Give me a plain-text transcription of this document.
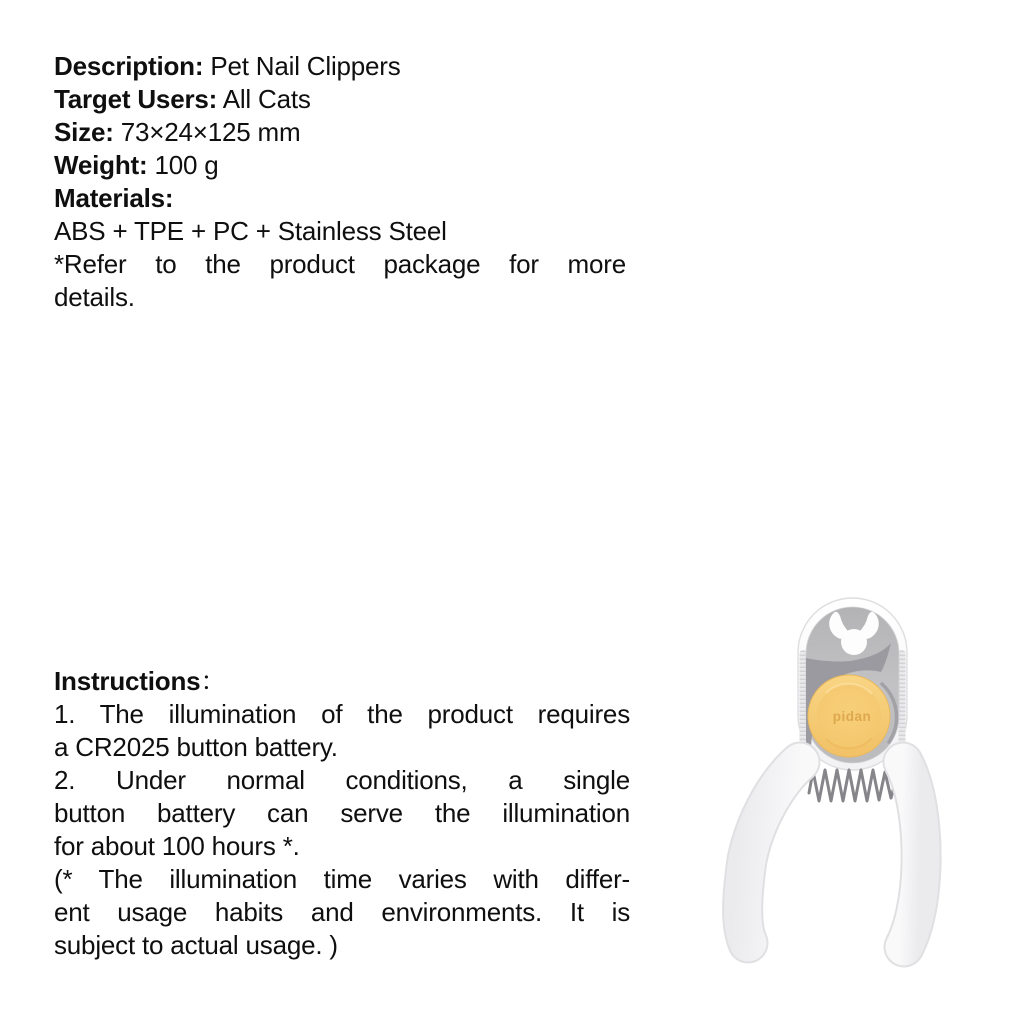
Description: Pet Nail Clippers
Target Users: All Cats
Size: 73×24×125 mm
Weight: 100 g
Materials:
ABS + TPE + PC + Stainless Steel
*Refer to the product package for more
details.
Instructions：
1. The illumination of the product requires
a CR2025 button battery.
2. Under normal conditions, a single
button battery can serve the illumination
for about 100 hours *.
(* The illumination time varies with differ-
ent usage habits and environments. It is
subject to actual usage. )
pidan
